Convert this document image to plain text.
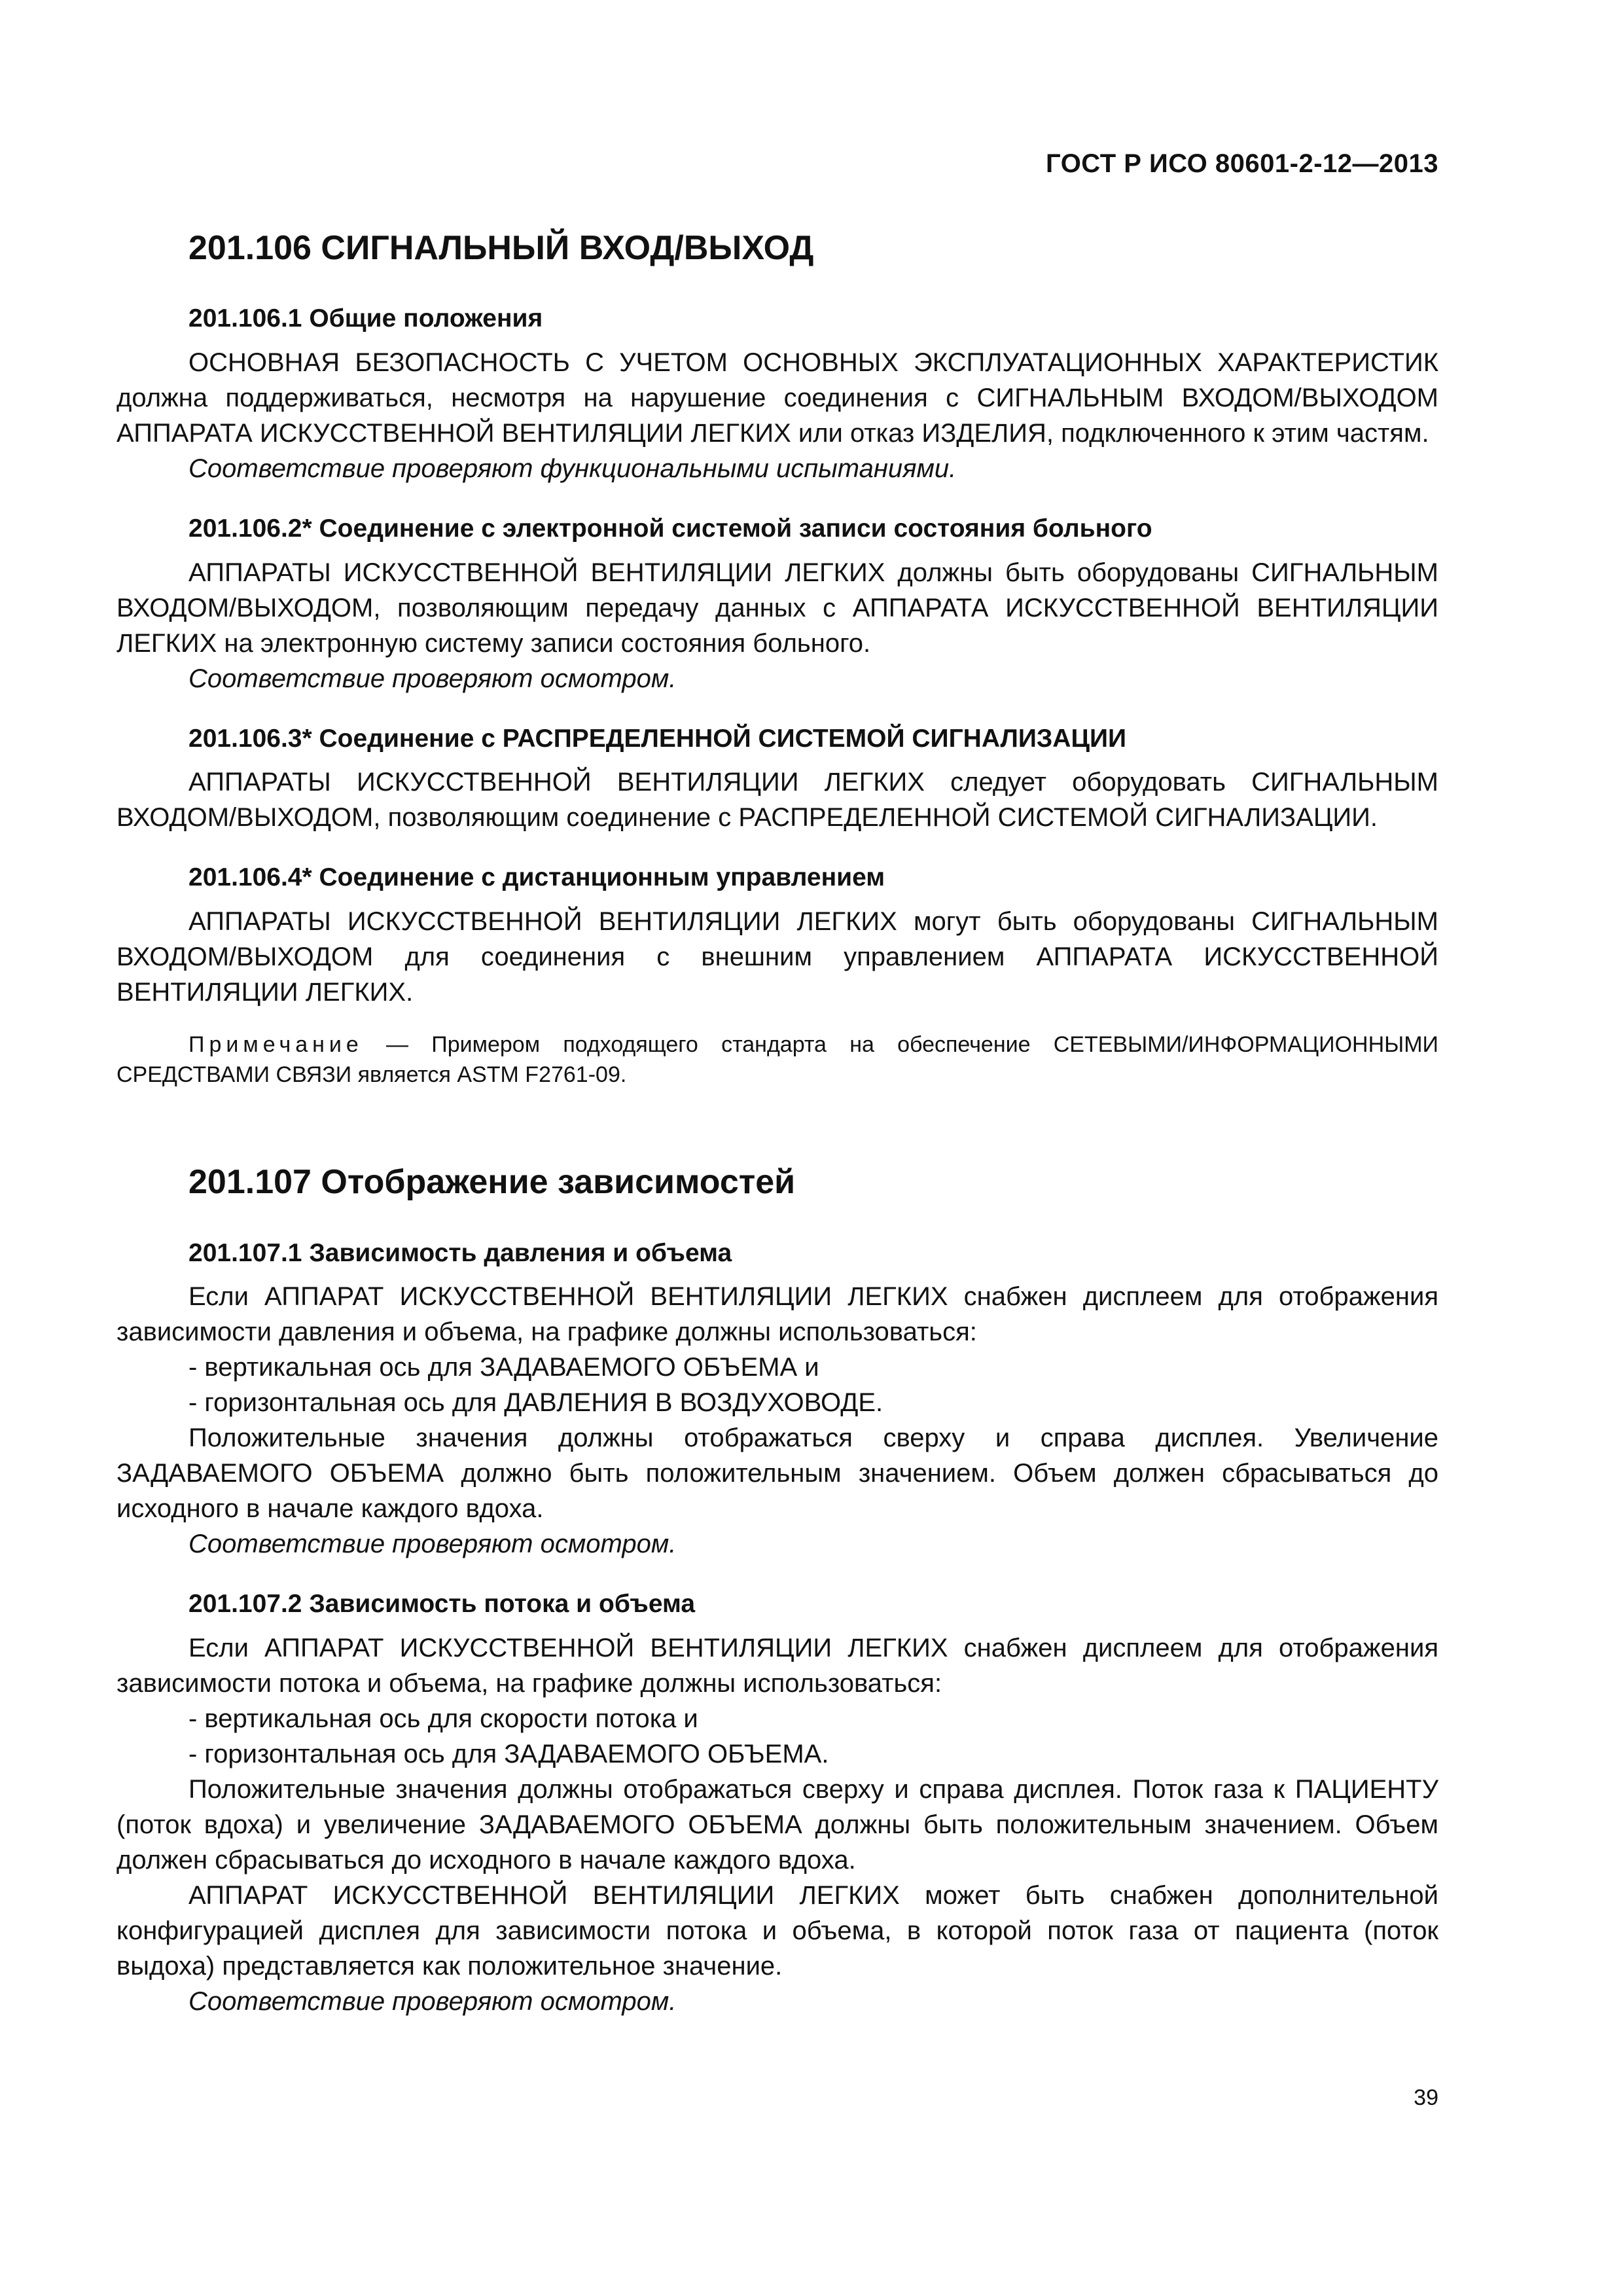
ГОСТ Р ИСО 80601-2-12—2013
201.106 СИГНАЛЬНЫЙ ВХОД/ВЫХОД
201.106.1 Общие положения

ОСНОВНАЯ БЕЗОПАСНОСТЬ С УЧЕТОМ ОСНОВНЫХ ЭКСПЛУАТАЦИОННЫХ ХАРАКТЕРИСТИК должна поддерживаться, несмотря на нарушение соединения с СИГНАЛЬНЫМ ВХОДОМ/ВЫХОДОМ АППАРАТА ИСКУССТВЕННОЙ ВЕНТИЛЯЦИИ ЛЕГКИХ или отказ ИЗДЕЛИЯ, подключенного к этим частям.

Соответствие проверяют функциональными испытаниями.

201.106.2* Соединение с электронной системой записи состояния больного

АППАРАТЫ ИСКУССТВЕННОЙ ВЕНТИЛЯЦИИ ЛЕГКИХ должны быть оборудованы СИГНАЛЬНЫМ ВХОДОМ/ВЫХОДОМ, позволяющим передачу данных с АППАРАТА ИСКУССТВЕННОЙ ВЕНТИЛЯЦИИ ЛЕГКИХ на электронную систему записи состояния больного.

Соответствие проверяют осмотром.

201.106.3* Соединение с РАСПРЕДЕЛЕННОЙ СИСТЕМОЙ СИГНАЛИЗАЦИИ

АППАРАТЫ ИСКУССТВЕННОЙ ВЕНТИЛЯЦИИ ЛЕГКИХ следует оборудовать СИГНАЛЬНЫМ ВХОДОМ/ВЫХОДОМ, позволяющим соединение с РАСПРЕДЕЛЕННОЙ СИСТЕМОЙ СИГНАЛИЗАЦИИ.

201.106.4* Соединение с дистанционным управлением

АППАРАТЫ ИСКУССТВЕННОЙ ВЕНТИЛЯЦИИ ЛЕГКИХ могут быть оборудованы СИГНАЛЬНЫМ ВХОДОМ/ВЫХОДОМ для соединения с внешним управлением АППАРАТА ИСКУССТВЕННОЙ ВЕНТИЛЯЦИИ ЛЕГКИХ.

Примечание — Примером подходящего стандарта на обеспечение СЕТЕВЫМИ/ИНФОРМАЦИОННЫМИ СРЕДСТВАМИ СВЯЗИ является ASTM F2761-09.

201.107 Отображение зависимостей
201.107.1 Зависимость давления и объема

Если АППАРАТ ИСКУССТВЕННОЙ ВЕНТИЛЯЦИИ ЛЕГКИХ снабжен дисплеем для отображения зависимости давления и объема, на графике должны использоваться:

- вертикальная ось для ЗАДАВАЕМОГО ОБЪЕМА и

- горизонтальная ось для ДАВЛЕНИЯ В ВОЗДУХОВОДЕ.

Положительные значения должны отображаться сверху и справа дисплея. Увеличение ЗАДАВАЕМОГО ОБЪЕМА должно быть положительным значением. Объем должен сбрасываться до исходного в начале каждого вдоха.

Соответствие проверяют осмотром.

201.107.2 Зависимость потока и объема

Если АППАРАТ ИСКУССТВЕННОЙ ВЕНТИЛЯЦИИ ЛЕГКИХ снабжен дисплеем для отображения зависимости потока и объема, на графике должны использоваться:

- вертикальная ось для скорости потока и

- горизонтальная ось для ЗАДАВАЕМОГО ОБЪЕМА.

Положительные значения должны отображаться сверху и справа дисплея. Поток газа к ПАЦИЕНТУ (поток вдоха) и увеличение ЗАДАВАЕМОГО ОБЪЕМА должны быть положительным значением. Объем должен сбрасываться до исходного в начале каждого вдоха.

АППАРАТ ИСКУССТВЕННОЙ ВЕНТИЛЯЦИИ ЛЕГКИХ может быть снабжен дополнительной конфигурацией дисплея для зависимости потока и объема, в которой поток газа от пациента (поток выдоха) представляется как положительное значение.

Соответствие проверяют осмотром.

39
